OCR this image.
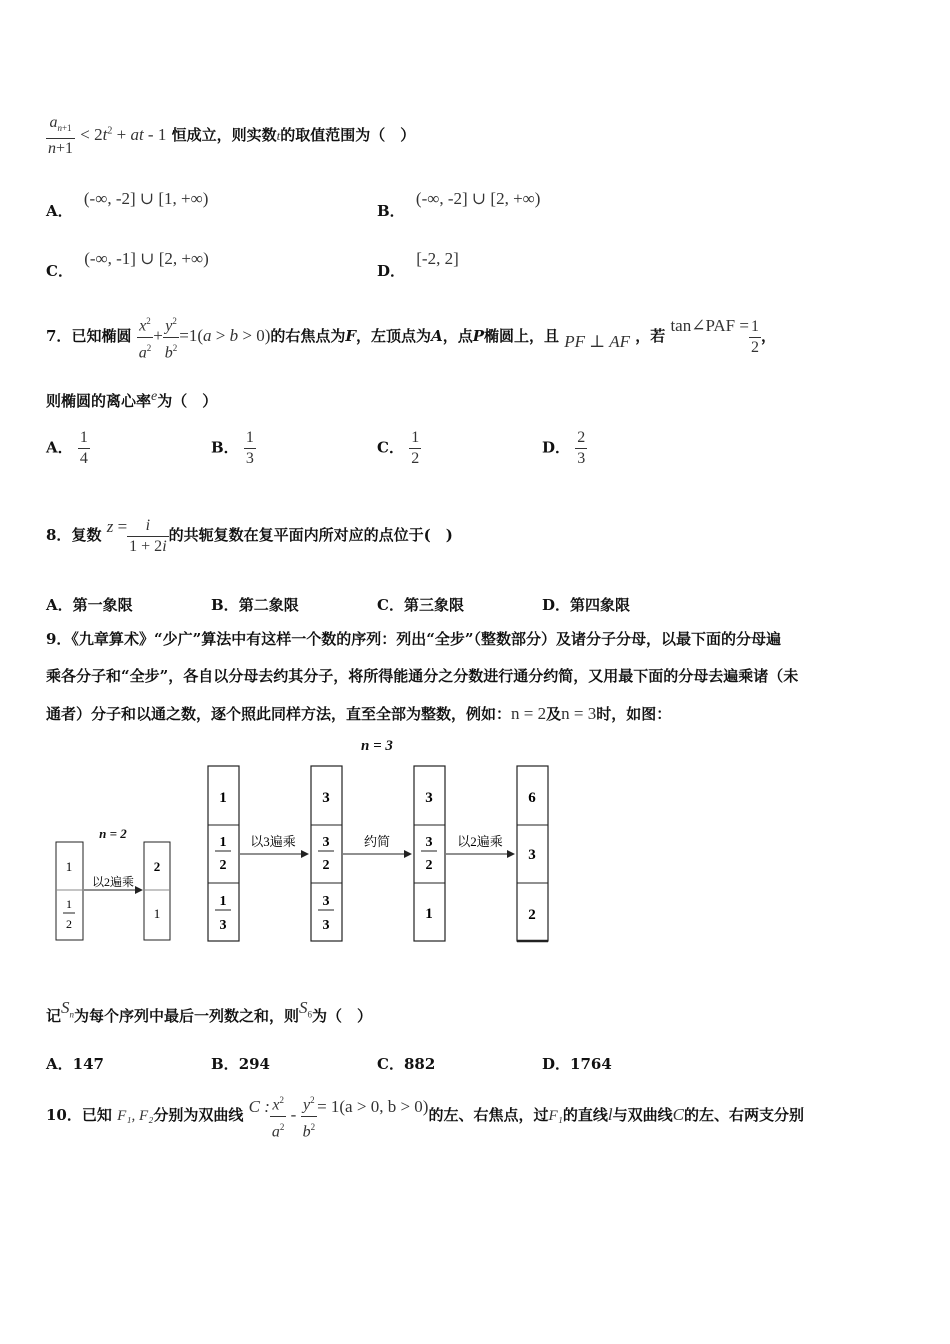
$\frac{a_{n+1}}{n+1} < 2t^2$ + at - 1 恒成立，则实数t的取值范围为（　）
A． (-∞, -2] ∪ [1, +∞)
B． (-∞, -2] ∪ [2, +∞)
C． (-∞, -1] ∪ [2, +∞)
D． [-2, 2]
7．已知椭圆 $\frac{x^2}{a^2} + \frac{y^2}{b^2} =1(a > b > 0)$的右焦点为F，左顶点为A，点P椭圆上，且 PF ⊥ AF ，若 tan∠PAF = $\frac{1}{2}$ ，
则椭圆的离心率e为（　）
A． $\frac{1}{4}$	B． $\frac{1}{3}$	C． $\frac{1}{2}$	D． $\frac{2}{3}$
8．复数 $z = \frac{i}{1 + 2i}$ 的共轭复数在复平面内所对应的点位于(　)
A．第一象限	B．第二象限	C．第三象限	D．第四象限
9．《九章算术》“少广”算法中有这样一个数的序列：列出“全步”（整数部分）及诸分子分母，以最下面的分母遍
乘各分子和“全步”，各自以分母去约其分子，将所得能通分之分数进行通分约简，又用最下面的分母去遍乘诸（未
通者）分子和以通之数，逐个照此同样方法，直至全部为整数，例如：n = 2及n = 3时，如图：
n = 3
n = 2
1
1
2
以2遍乘
2
1
1
1
2
1
3
以3遍乘
3
3
2
3
3
约简
3
3
2
1
以2遍乘
6
3
2
记$S_n$为每个序列中最后一列数之和，则$S_6$为（　）
A．147	B．294	C．882	D．1764
10．已知 F₁, F₂分别为双曲线 C : $\frac{x^2}{a^2} - \frac{y^2}{b^2} = 1(a > 0$, b > 0)的左、右焦点，过F₁的直线l与双曲线C的左、右两支分别
